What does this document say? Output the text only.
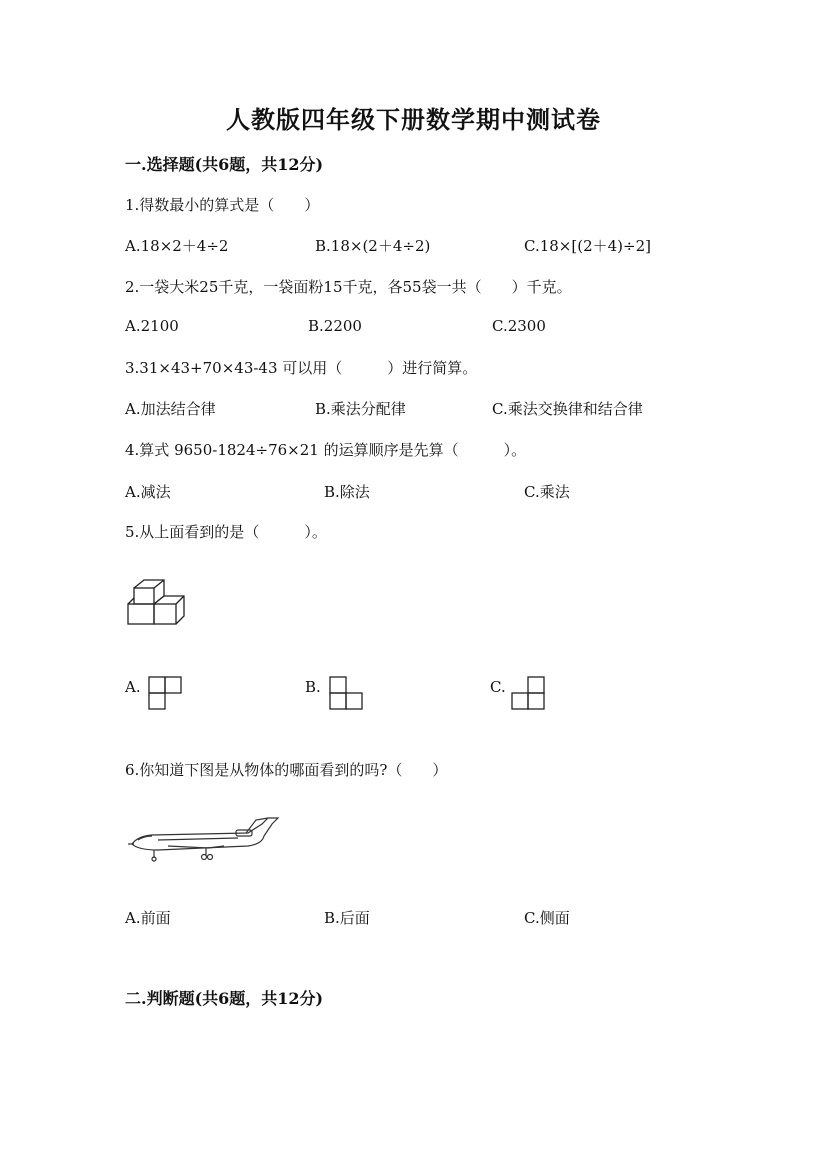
人教版四年级下册数学期中测试卷
一.选择题(共6题，共12分)
1.得数最小的算式是（　　）
A.18×2＋4÷2	B.18×(2＋4÷2)	C.18×[(2＋4)÷2]
2.一袋大米25千克，一袋面粉15千克，各55袋一共（　　）千克。
A.2100	B.2200	C.2300
3.31×43+70×43-43 可以用（　　　）进行简算。
A.加法结合律	B.乘法分配律	C.乘法交换律和结合律
4.算式 9650-1824÷76×21 的运算顺序是先算（　　　）。
A.减法	B.除法	C.乘法
5.从上面看到的是（　　　）。
A.	B.	C.
6.你知道下图是从物体的哪面看到的吗?（　　）
A.前面	B.后面	C.侧面
二.判断题(共6题，共12分)
